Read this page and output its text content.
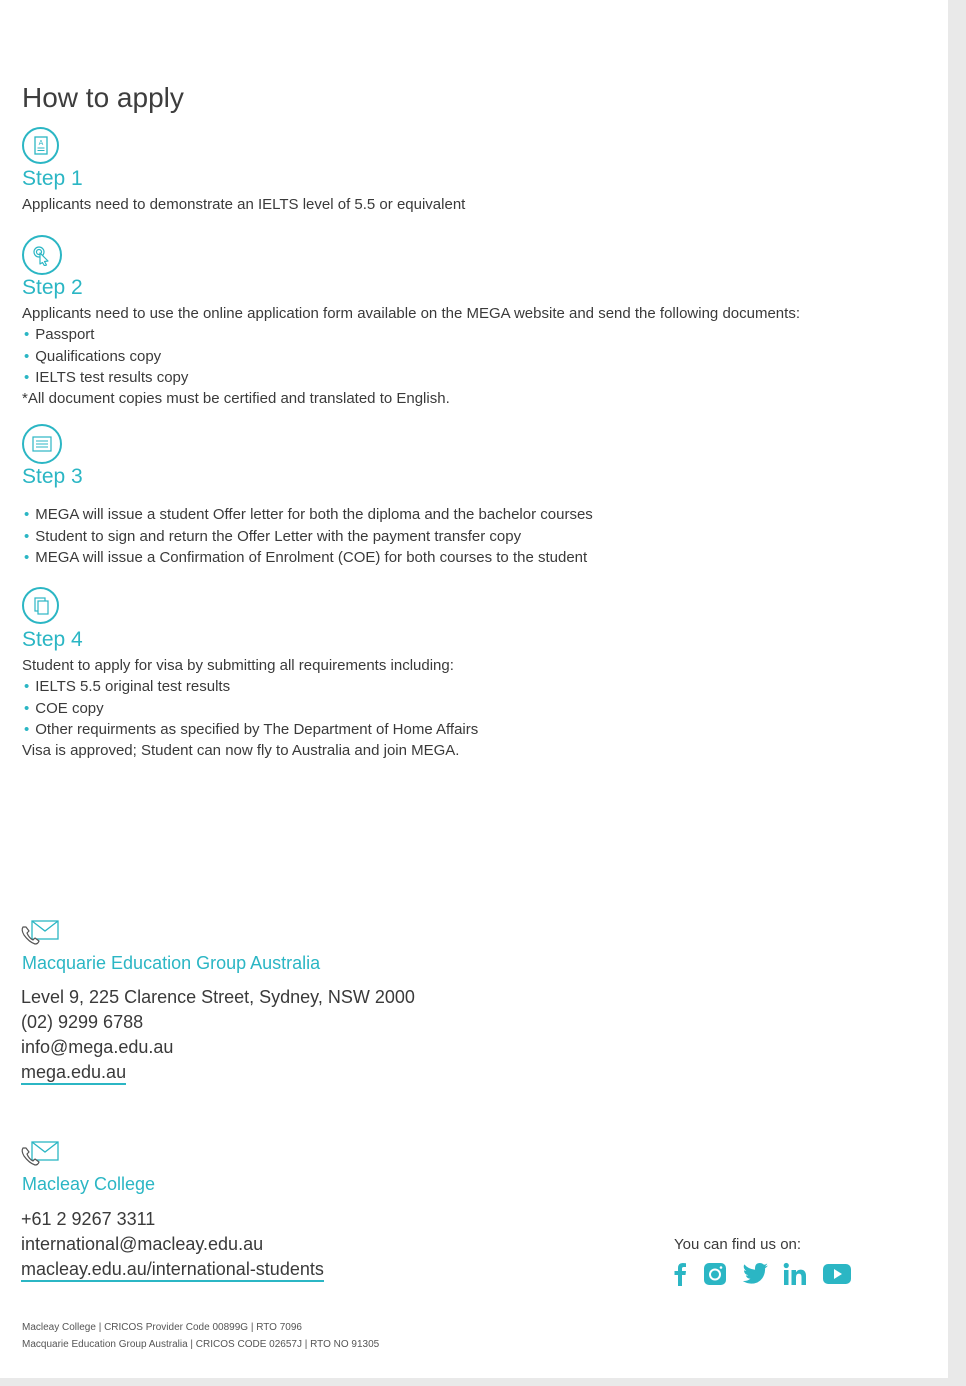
How to apply
A
Step 1
Applicants need to demonstrate an IELTS level of 5.5 or equivalent
Step 2
Applicants need to use the online application form available on the MEGA website and send the following documents:
• Passport
• Qualifications copy
• IELTS test results copy
*All document copies must be certified and translated to English.
Step 3
• MEGA will issue a student Offer letter for both the diploma and the bachelor courses
• Student to sign and return the Offer Letter with the payment transfer copy
• MEGA will issue a Confirmation of Enrolment (COE) for both courses to the student
Step 4
Student to apply for visa by submitting all requirements including:
• IELTS 5.5 original test results
• COE copy
• Other requirments as specified by The Department of Home Affairs
Visa is approved; Student can now fly to Australia and join MEGA.
Macquarie Education Group Australia
Level 9, 225 Clarence Street, Sydney, NSW 2000
(02) 9299 6788
info@mega.edu.au
mega.edu.au
Macleay College
+61 2 9267 3311
international@macleay.edu.au
macleay.edu.au/international-students
You can find us on:
Macleay College | CRICOS Provider Code 00899G | RTO 7096
Macquarie Education Group Australia | CRICOS CODE 02657J | RTO NO 91305
